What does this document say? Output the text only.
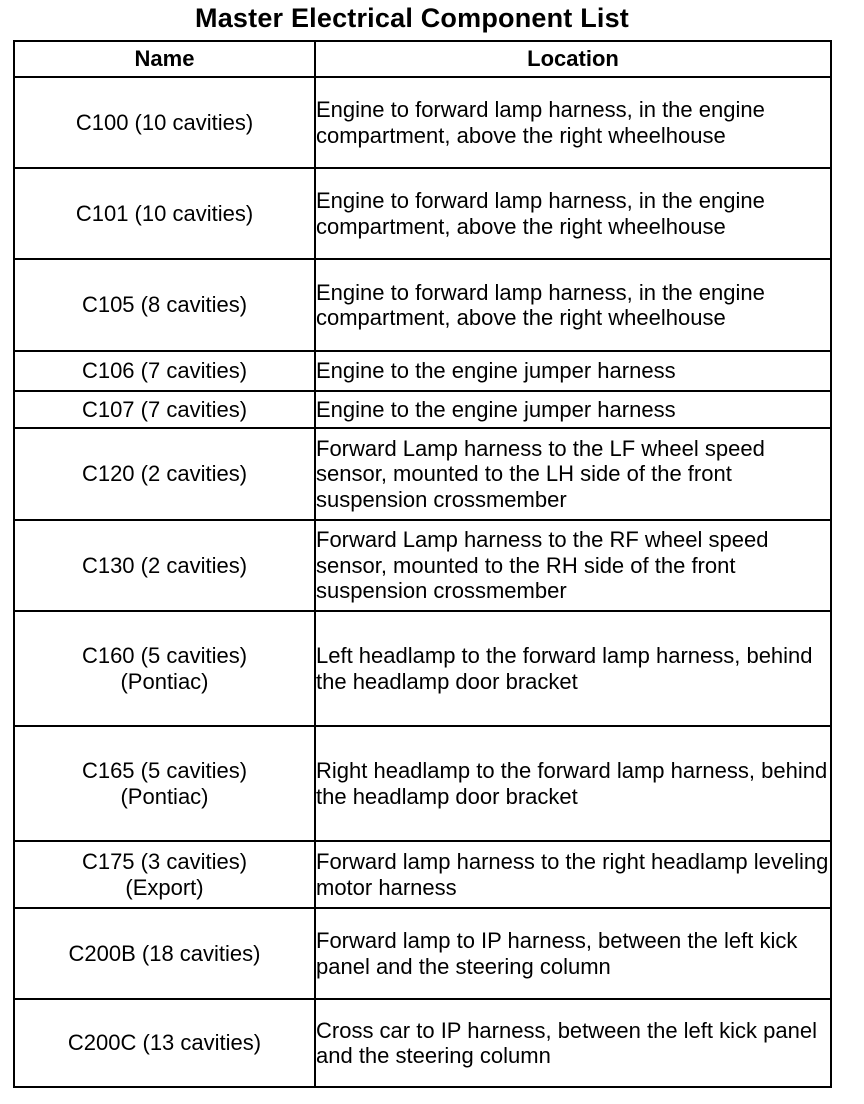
Master Electrical Component List
Name	Location

C100 (10 cavities)	Engine to forward lamp harness, in the engine compartment, above the right wheelhouse

C101 (10 cavities)	Engine to forward lamp harness, in the engine compartment, above the right wheelhouse

C105 (8 cavities)	Engine to forward lamp harness, in the engine compartment, above the right wheelhouse

C106 (7 cavities)	Engine to the engine jumper harness

C107 (7 cavities)	Engine to the engine jumper harness

C120 (2 cavities)	Forward Lamp harness to the LF wheel speed sensor, mounted to the LH side of the front suspension crossmember

C130 (2 cavities)	Forward Lamp harness to the RF wheel speed sensor, mounted to the RH side of the front suspension crossmember

C160 (5 cavities)
(Pontiac)	Left headlamp to the forward lamp harness, behind the headlamp door bracket

C165 (5 cavities)
(Pontiac)	Right headlamp to the forward lamp harness, behind the headlamp door bracket

C175 (3 cavities)
(Export)	Forward lamp harness to the right headlamp leveling motor harness

C200B (18 cavities)	Forward lamp to IP harness, between the left kick panel and the steering column

C200C (13 cavities)	Cross car to IP harness, between the left kick panel and the steering column
